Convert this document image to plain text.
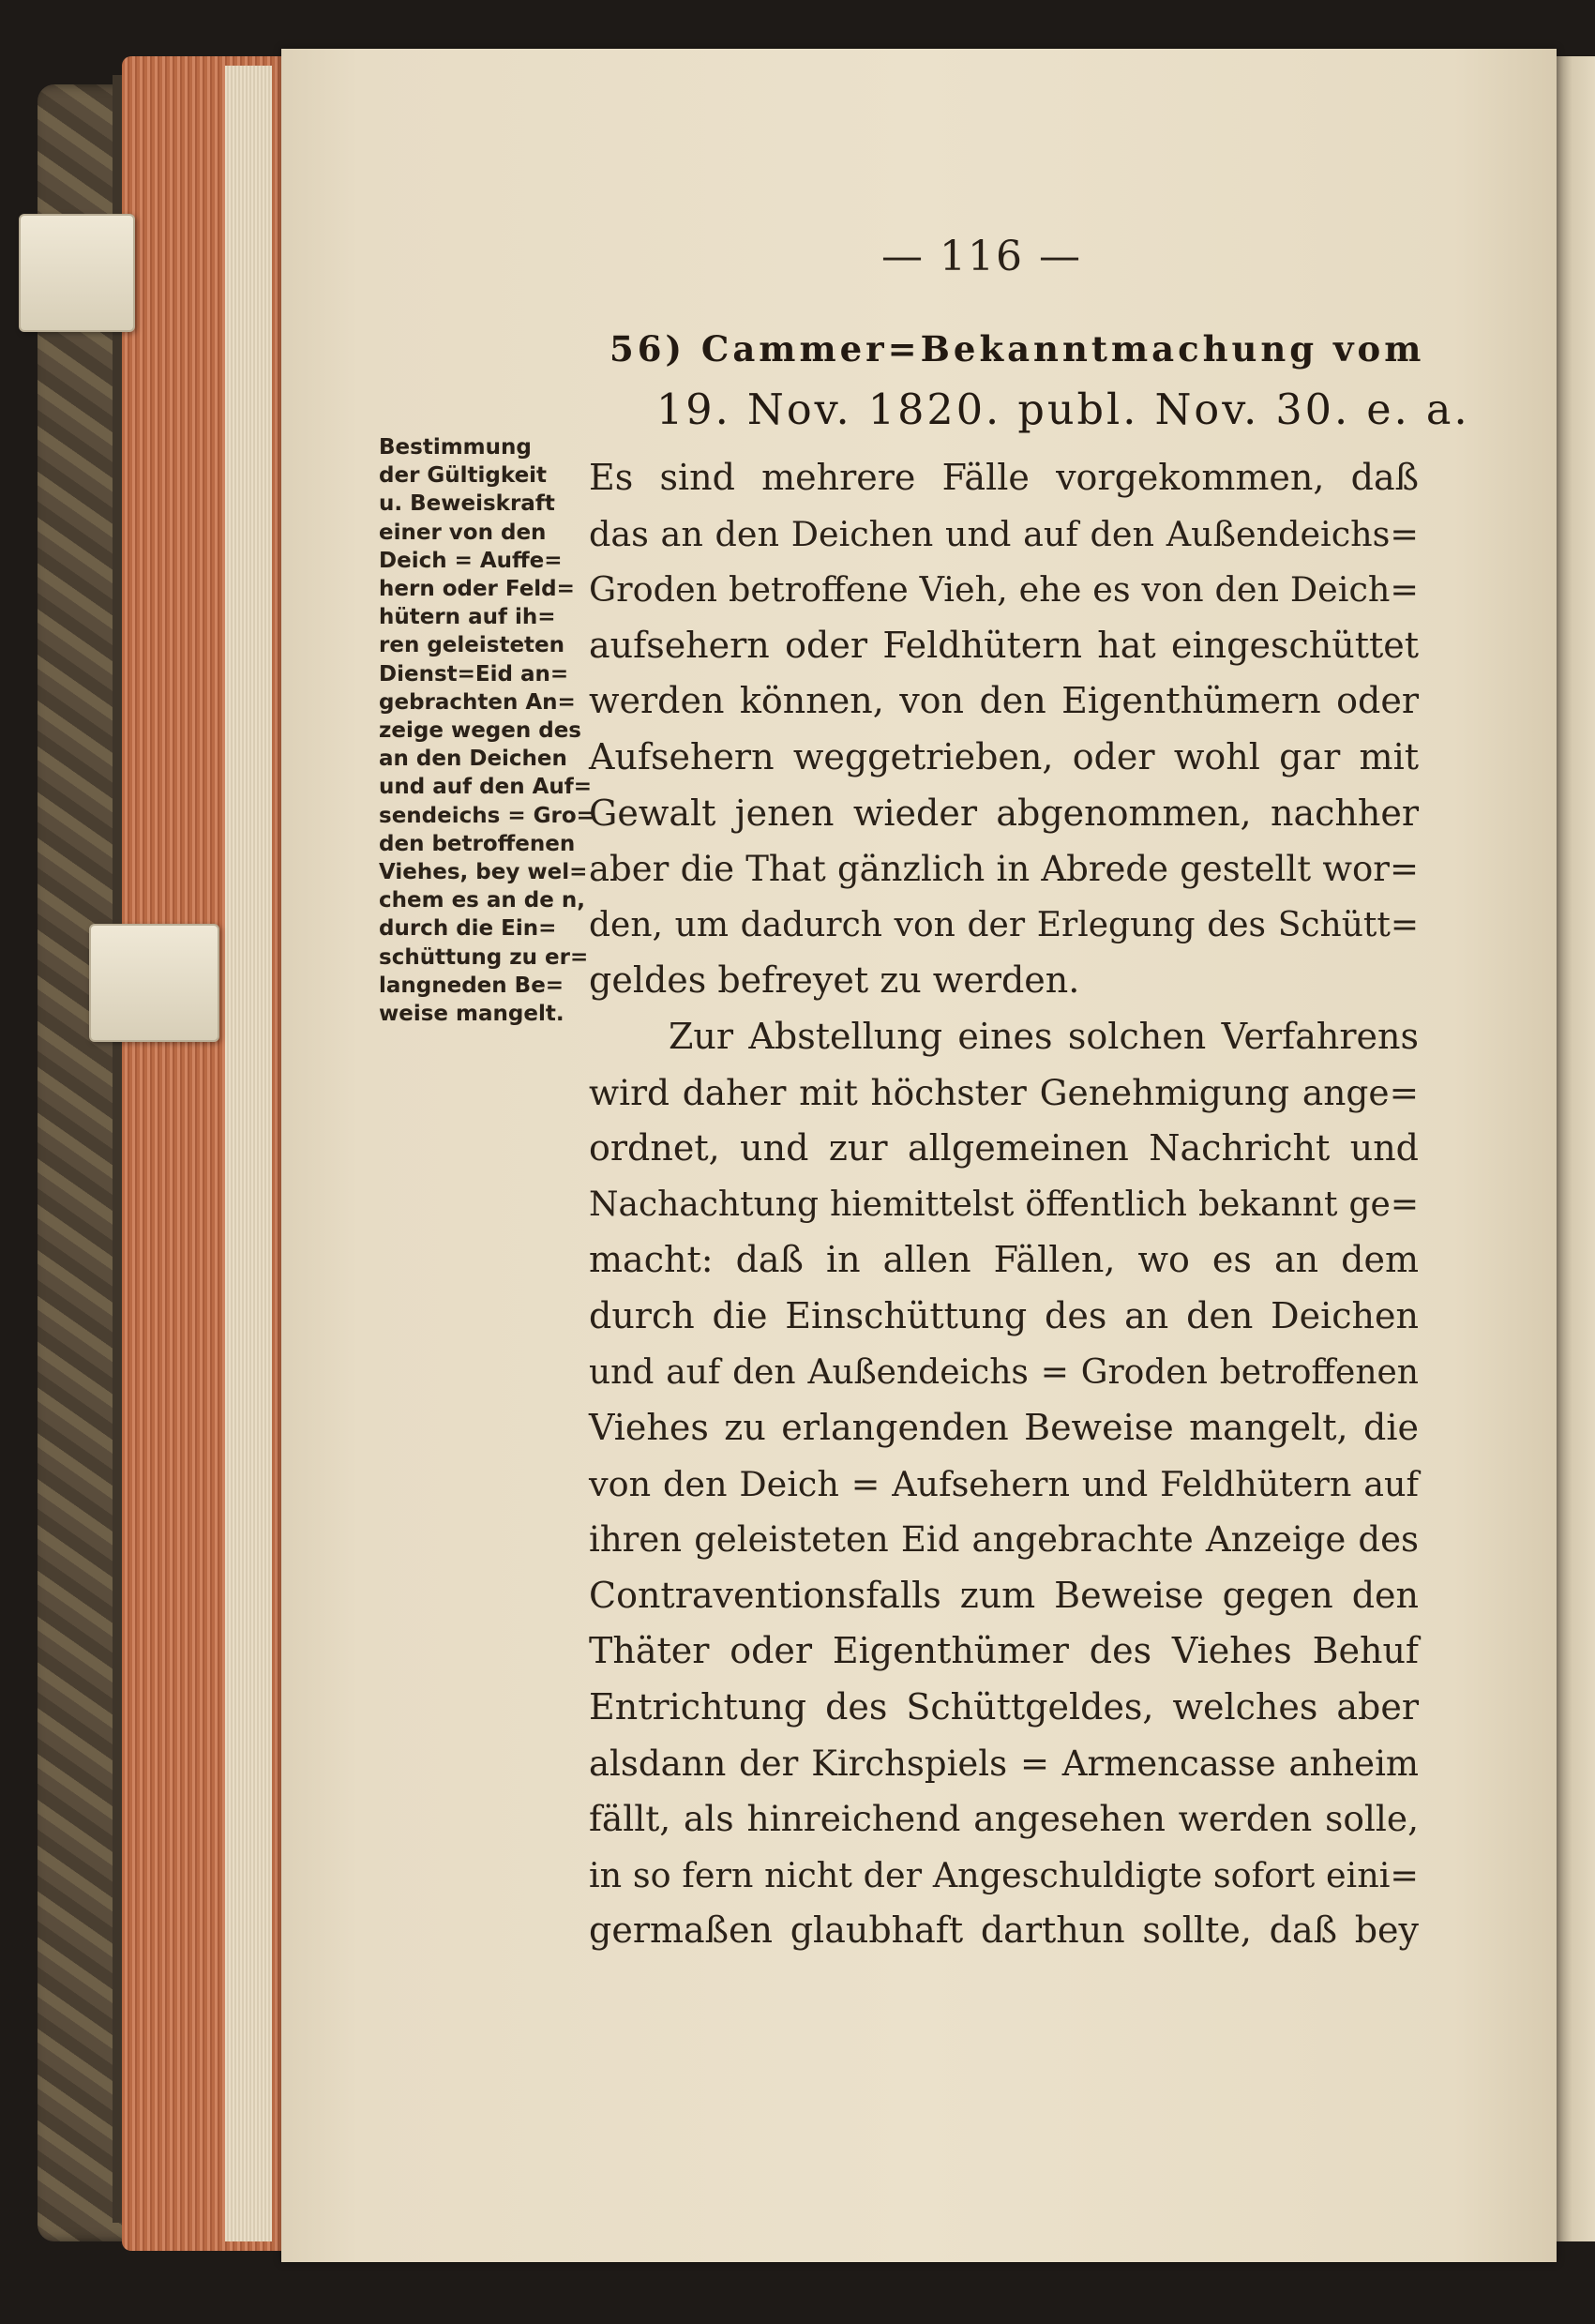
— 116 —
56) Cammer=Bekanntmachung vom
19. Nov. 1820. publ. Nov. 30. e. a.
Bestimmung
der Gültigkeit
u. Beweiskraft
einer von den
Deich = Auffe=
hern oder Feld=
hütern auf ih=
ren geleisteten
Dienst=Eid an=
gebrachten An=
zeige wegen des
an den Deichen
und auf den Auf=
sendeichs = Gro=
den betroffenen
Viehes, bey wel=
chem es an de n,
durch die Ein=
schüttung zu er=
langneden Be=
weise mangelt.
Es sind mehrere Fälle vorgekommen, daß
das an den Deichen und auf den Außendeichs=
Groden betroffene Vieh, ehe es von den Deich=
aufsehern oder Feldhütern hat eingeschüttet
werden können, von den Eigenthümern oder
Aufsehern weggetrieben, oder wohl gar mit
Gewalt jenen wieder abgenommen, nachher
aber die That gänzlich in Abrede gestellt wor=
den, um dadurch von der Erlegung des Schütt=
geldes befreyet zu werden.
Zur Abstellung eines solchen Verfahrens
wird daher mit höchster Genehmigung ange=
ordnet, und zur allgemeinen Nachricht und
Nachachtung hiemittelst öffentlich bekannt ge=
macht: daß in allen Fällen, wo es an dem
durch die Einschüttung des an den Deichen
und auf den Außendeichs = Groden betroffenen
Viehes zu erlangenden Beweise mangelt, die
von den Deich = Aufsehern und Feldhütern auf
ihren geleisteten Eid angebrachte Anzeige des
Contraventionsfalls zum Beweise gegen den
Thäter oder Eigenthümer des Viehes Behuf
Entrichtung des Schüttgeldes, welches aber
alsdann der Kirchspiels = Armencasse anheim
fällt, als hinreichend angesehen werden solle,
in so fern nicht der Angeschuldigte sofort eini=
germaßen glaubhaft darthun sollte, daß bey
